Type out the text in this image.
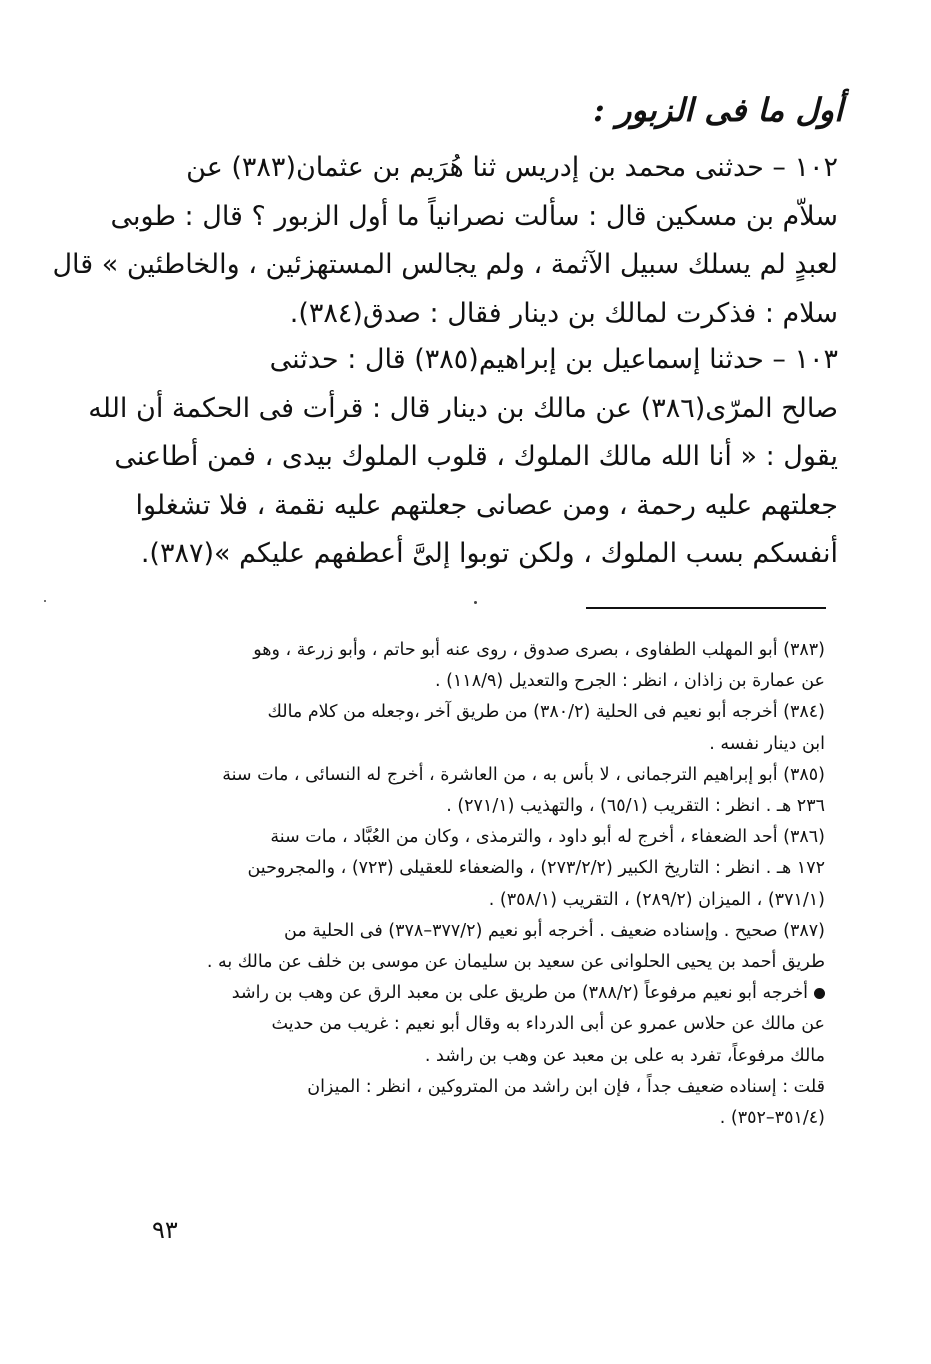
أول ما فى الزبور :

١٠٢ – حدثنى محمد بن إدريس ثنا هُرَيم بن عثمان(٣٨٣) عن
سلاّم بن مسكين قال : سألت نصرانياً ما أول الزبور ؟ قال : طوبى
لعبدٍ لم يسلك سبيل الآثمة ، ولم يجالس المستهزئين ، والخاطئين » قال
سلام : فذكرت لمالك بن دينار فقال : صدق(٣٨٤).

١٠٣ – حدثنا إسماعيل بن إبراهيم(٣٨٥) قال : حدثنى
صالح المرّى(٣٨٦) عن مالك بن دينار قال : قرأت فى الحكمة أن الله
يقول : « أنا الله مالك الملوك ، قلوب الملوك بيدى ، فمن أطاعنى
جعلتهم عليه رحمة ، ومن عصانى جعلتهم عليه نقمة ، فلا تشغلوا
أنفسكم بسب الملوك ، ولكن توبوا إلىَّ أعطفهم عليكم »(٣٨٧).

(٣٨٣) أبو المهلب الطفاوى ، بصرى صدوق ، روى عنه أبو حاتم ، وأبو زرعة ، وهو
عن عمارة بن زاذان ، انظر : الجرح والتعديل (١١٨/٩) .
(٣٨٤) أخرجه أبو نعيم فى الحلية (٣٨٠/٢) من طريق آخر ،وجعله من كلام مالك
ابن دينار نفسه .
(٣٨٥) أبو إبراهيم الترجمانى ، لا بأس به ، من العاشرة ، أخرج له النسائى ، مات سنة
٢٣٦ هـ . انظر : التقريب (٦٥/١) ، والتهذيب (٢٧١/١) .
(٣٨٦) أحد الضعفاء ، أخرج له أبو داود ، والترمذى ، وكان من العُبَّاد ، مات سنة
١٧٢ هـ . انظر : التاريخ الكبير (٢٧٣/٢/٢) ، والضعفاء للعقيلى (٧٢٣) ، والمجروحين
(٣٧١/١) ، الميزان (٢٨٩/٢) ، التقريب (٣٥٨/١) .
(٣٨٧) صحيح . وإسناده ضعيف . أخرجه أبو نعيم (٣٧٧/٢–٣٧٨) فى الحلية من
طريق أحمد بن يحيى الحلوانى عن سعيد بن سليمان عن موسى بن خلف عن مالك به .
أخرجه أبو نعيم مرفوعاً (٣٨٨/٢) من طريق على بن معبد الرق عن وهب بن راشد
عن مالك عن حلاس عمرو عن أبى الدرداء به وقال أبو نعيم : غريب من حديث
مالك مرفوعاً، تفرد به على بن معبد عن وهب بن راشد .
قلت : إسناده ضعيف جداً ، فإن ابن راشد من المتروكين ، انظر : الميزان
(٣٥١/٤–٣٥٢) .
٩٣
